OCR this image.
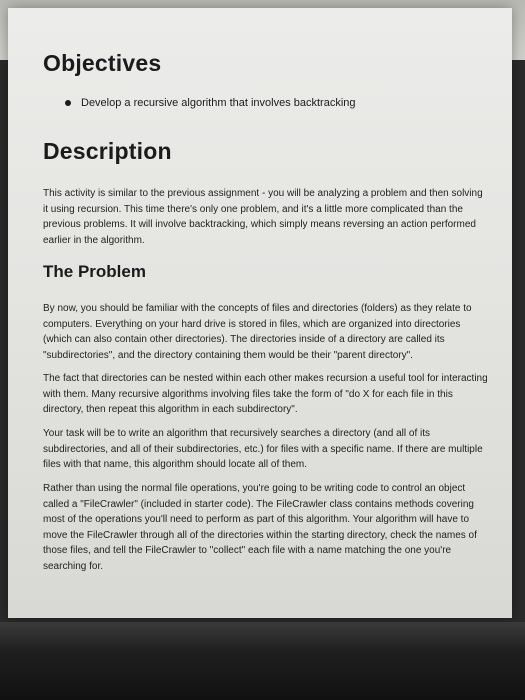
Objectives
Develop a recursive algorithm that involves backtracking
Description

This activity is similar to the previous assignment - you will be analyzing a problem and then solving it using recursion. This time there's only one problem, and it's a little more complicated than the previous problems. It will involve backtracking, which simply means reversing an action performed earlier in the algorithm.

The Problem

By now, you should be familiar with the concepts of files and directories (folders) as they relate to computers. Everything on your hard drive is stored in files, which are organized into directories (which can also contain other directories). The directories inside of a directory are called its "subdirectories", and the directory containing them would be their "parent directory".

The fact that directories can be nested within each other makes recursion a useful tool for interacting with them. Many recursive algorithms involving files take the form of "do X for each file in this directory, then repeat this algorithm in each subdirectory".

Your task will be to write an algorithm that recursively searches a directory (and all of its subdirectories, and all of their subdirectories, etc.) for files with a specific name. If there are multiple files with that name, this algorithm should locate all of them.

Rather than using the normal file operations, you're going to be writing code to control an object called a "FileCrawler" (included in starter code). The FileCrawler class contains methods covering most of the operations you'll need to perform as part of this algorithm. Your algorithm will have to move the FileCrawler through all of the directories within the starting directory, check the names of those files, and tell the FileCrawler to "collect" each file with a name matching the one you're searching for.
